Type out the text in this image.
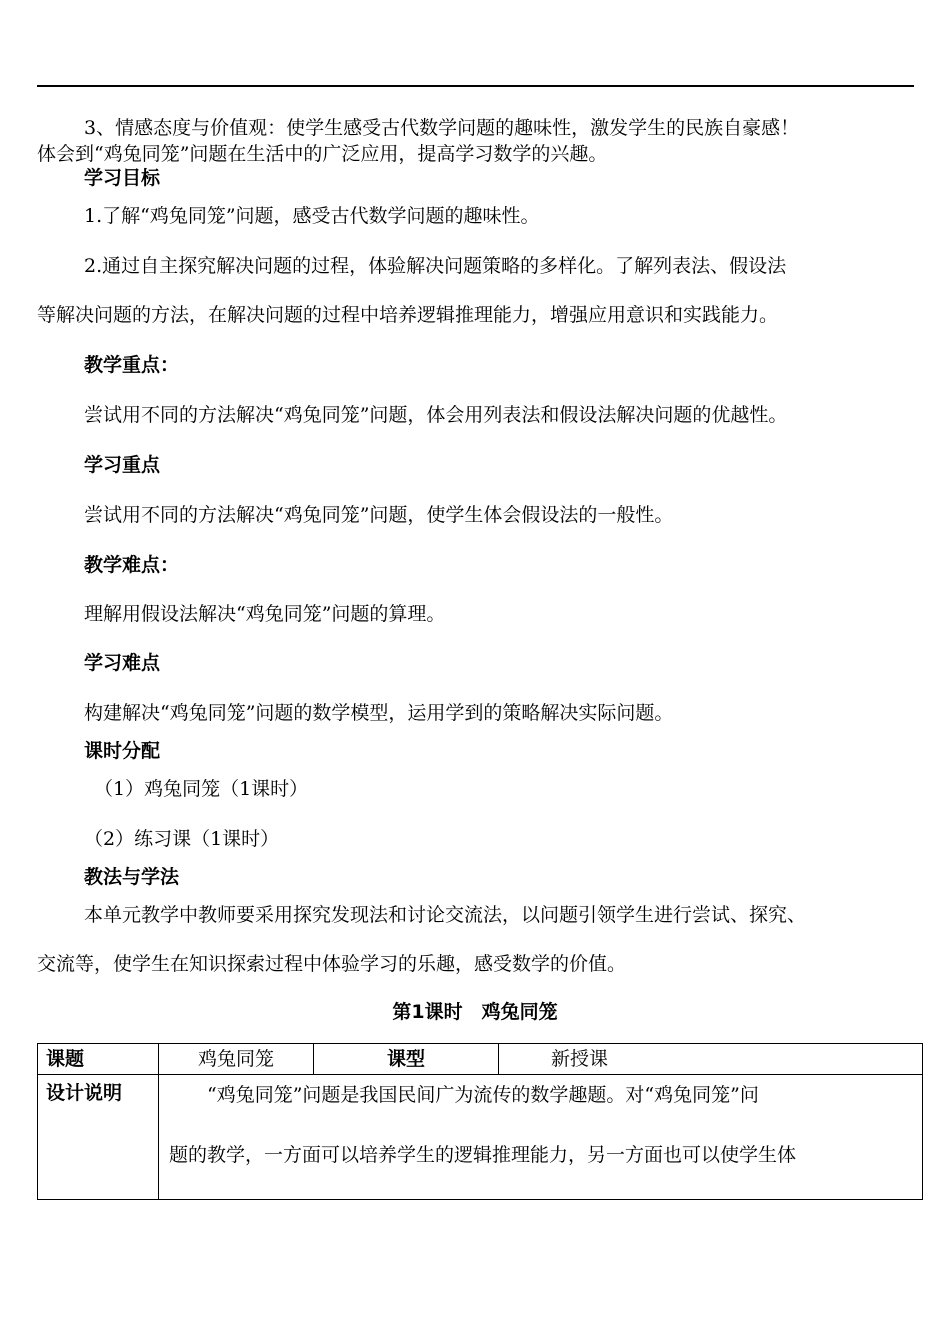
3、情感态度与价值观：使学生感受古代数学问题的趣味性，激发学生的民族自豪感！
体会到“鸡兔同笼”问题在生活中的广泛应用，提高学习数学的兴趣。
学习目标
1.了解“鸡兔同笼”问题，感受古代数学问题的趣味性。
2.通过自主探究解决问题的过程，体验解决问题策略的多样化。了解列表法、假设法
等解决问题的方法，在解决问题的过程中培养逻辑推理能力，增强应用意识和实践能力。
教学重点：
尝试用不同的方法解决“鸡兔同笼”问题，体会用列表法和假设法解决问题的优越性。
学习重点
尝试用不同的方法解决“鸡兔同笼”问题，使学生体会假设法的一般性。
教学难点：
理解用假设法解决“鸡兔同笼”问题的算理。
学习难点
构建解决“鸡兔同笼”问题的数学模型，运用学到的策略解决实际问题。
课时分配
（1）鸡兔同笼（1课时）
（2）练习课（1课时）
教法与学法
本单元教学中教师要采用探究发现法和讨论交流法，以问题引领学生进行尝试、探究、
交流等，使学生在知识探索过程中体验学习的乐趣，感受数学的价值。
第1课时　鸡兔同笼
课题	鸡兔同笼	课型	新授课

设计说明	“鸡兔同笼”问题是我国民间广为流传的数学趣题。对“鸡兔同笼”问

题的教学，一方面可以培养学生的逻辑推理能力，另一方面也可以使学生体		
